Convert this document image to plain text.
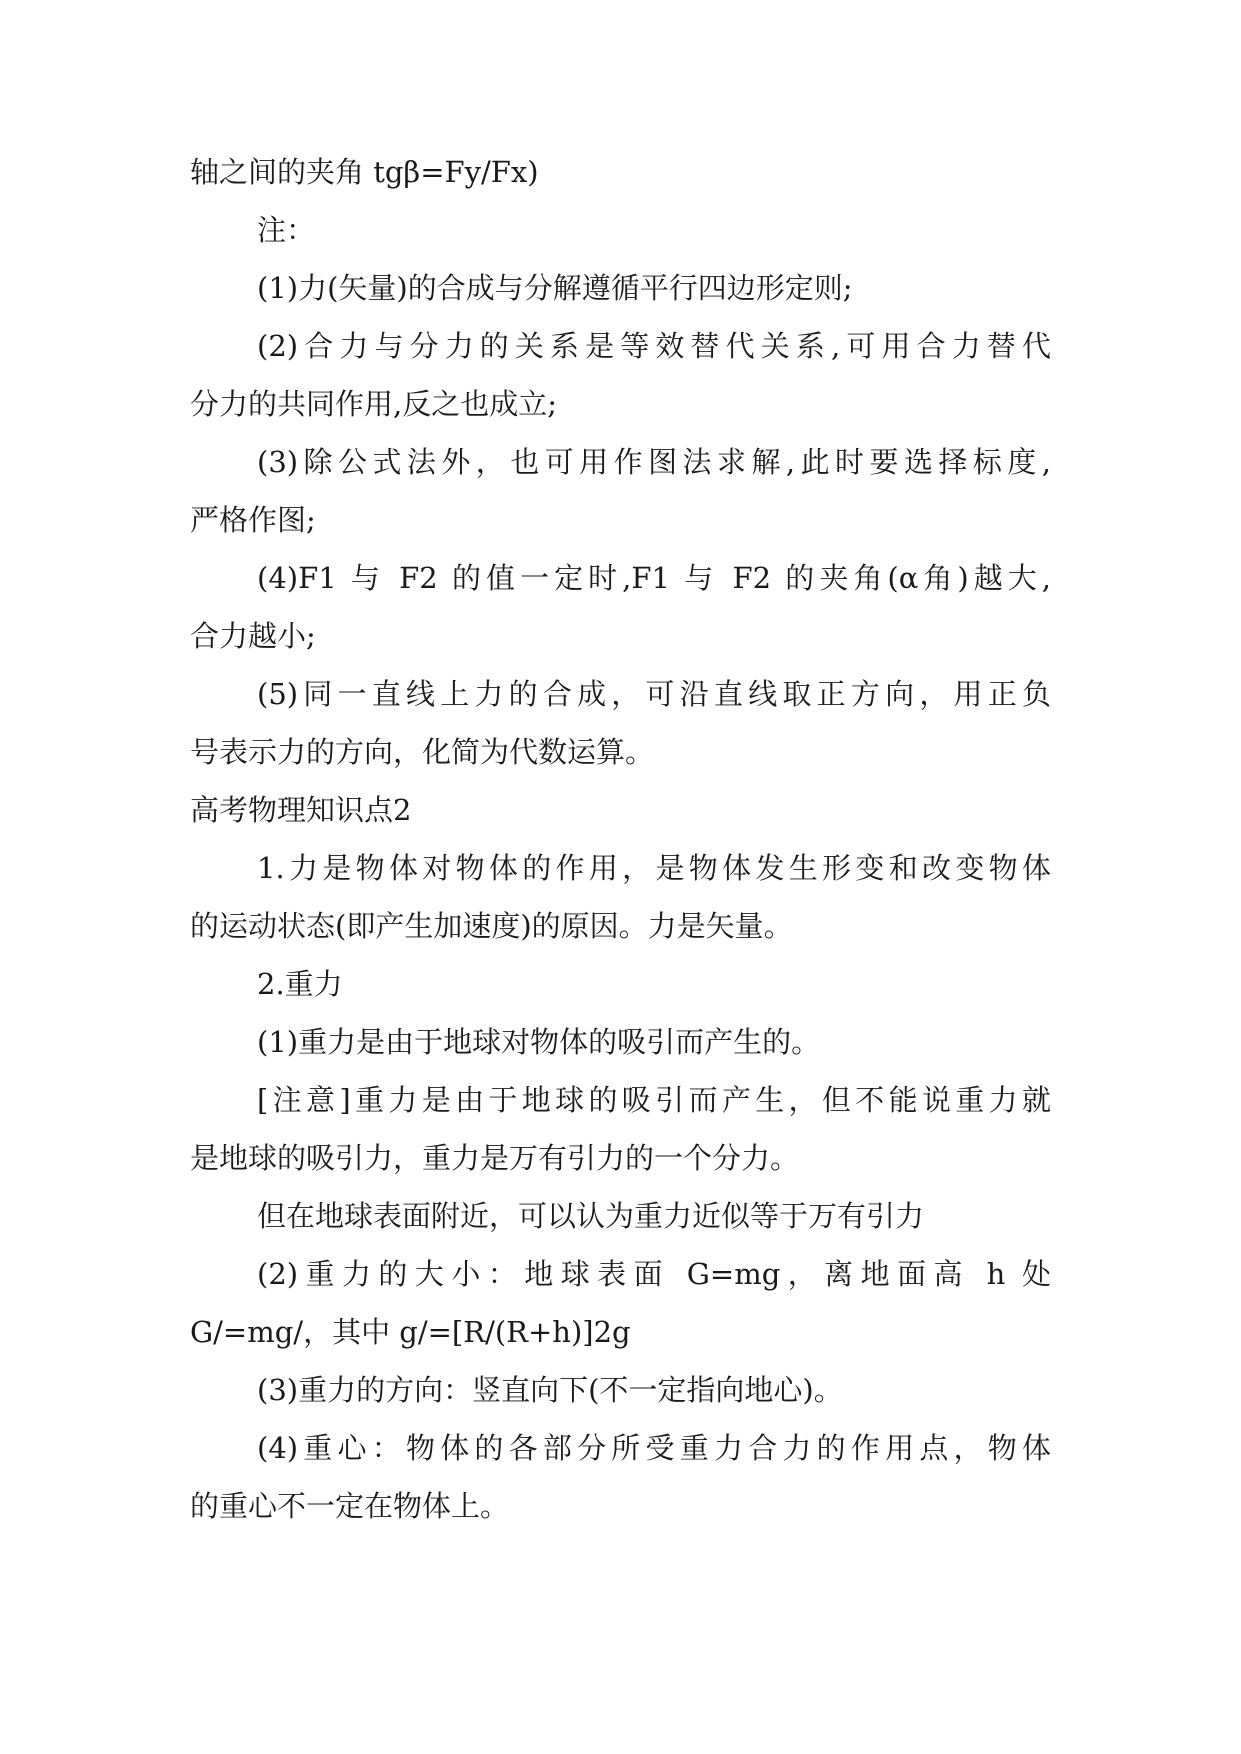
轴之间的夹角 tgβ=Fy/Fx)
注：
(1)力(矢量)的合成与分解遵循平行四边形定则;
(2)合力与分力的关系是等效替代关系,可用合力替代
分力的共同作用,反之也成立;
(3)除公式法外，也可用作图法求解,此时要选择标度,
严格作图;
(4)F1 与 F2 的值一定时,F1 与 F2 的夹角(α角)越大,
合力越小;
(5)同一直线上力的合成，可沿直线取正方向，用正负
号表示力的方向，化简为代数运算。
高考物理知识点2
1.力是物体对物体的作用，是物体发生形变和改变物体
的运动状态(即产生加速度)的原因。力是矢量。
2.重力
(1)重力是由于地球对物体的吸引而产生的。
[注意]重力是由于地球的吸引而产生，但不能说重力就
是地球的吸引力，重力是万有引力的一个分力。
但在地球表面附近，可以认为重力近似等于万有引力
(2)重力的大小：地球表面 G=mg，离地面高 h 处
G/=mg/，其中 g/=[R/(R+h)]2g
(3)重力的方向：竖直向下(不一定指向地心)。
(4)重心：物体的各部分所受重力合力的作用点，物体
的重心不一定在物体上。
